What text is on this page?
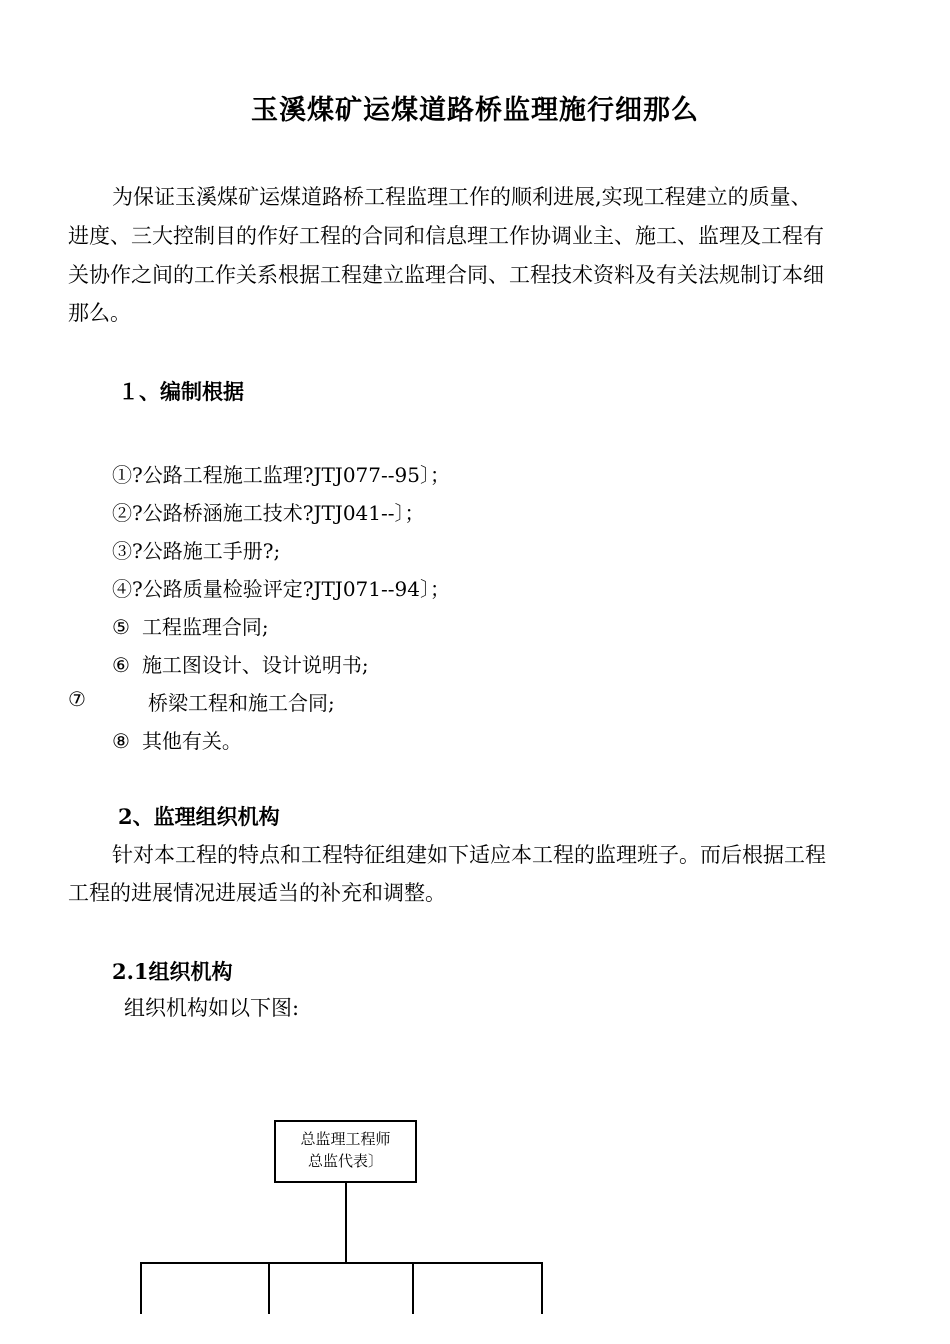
玉溪煤矿运煤道路桥监理施行细那么
为保证玉溪煤矿运煤道路桥工程监理工作的顺利进展,实现工程建立的质量、
进度、三大控制目的作好工程的合同和信息理工作协调业主、施工、监理及工程有
关协作之间的工作关系根据工程建立监理合同、工程技术资料及有关法规制订本细
那么。
１、编制根据
①?公路工程施工监理?JTJ077--95〕；
②?公路桥涵施工技术?JTJ041--〕；
③?公路施工手册?;
④?公路质量检验评定?JTJ071--94〕；
⑤ 工程监理合同;
⑥ 施工图设计、设计说明书;
⑦	桥梁工程和施工合同;
⑧ 其他有关。
2、监理组织机构
针对本工程的特点和工程特征组建如下适应本工程的监理班子。而后根据工程
工程的进展情况进展适当的补充和调整。
2.1组织机构
组织机构如以下图:
总监理工程师
总监代表〕
